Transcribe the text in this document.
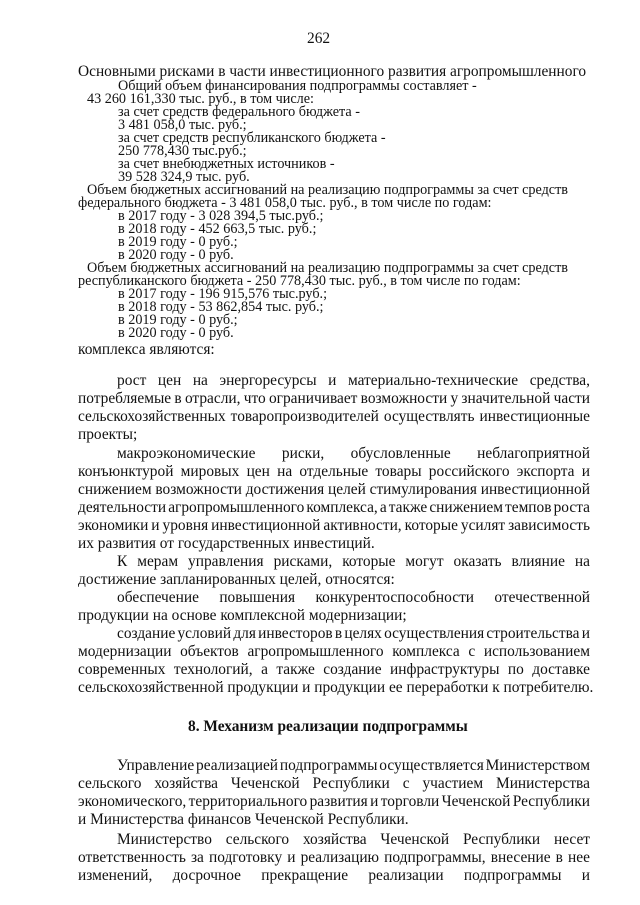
262
Основными рисками в части инвестиционного развития агропромышленного
Общий объем финансирования подпрограммы составляет -
43 260 161,330 тыс. руб., в том числе:
за счет средств федерального бюджета -
3 481 058,0 тыс. руб.;
за счет средств республиканского бюджета -
250 778,430 тыс.руб.;
за счет внебюджетных источников -
39 528 324,9 тыс. руб.
Объем бюджетных ассигнований на реализацию подпрограммы за счет средств
федерального бюджета - 3 481 058,0 тыс. руб., в том числе по годам:
в 2017 году - 3 028 394,5 тыс.руб.;
в 2018 году - 452 663,5 тыс. руб.;
в 2019 году - 0 руб.;
в 2020 году - 0 руб.
Объем бюджетных ассигнований на реализацию подпрограммы за счет средств
республиканского бюджета - 250 778,430 тыс. руб., в том числе по годам:
в 2017 году - 196 915,576 тыс.руб.;
в 2018 году - 53 862,854 тыс. руб.;
в 2019 году - 0 руб.;
в 2020 году - 0 руб.
комплекса являются:
рост цен на энергоресурсы и материально-технические средства,
потребляемые в отрасли, что ограничивает возможности у значительной части
сельскохозяйственных товаропроизводителей осуществлять инвестиционные
проекты;
макроэкономические риски, обусловленные неблагоприятной
конъюнктурой мировых цен на отдельные товары российского экспорта и
снижением возможности достижения целей стимулирования инвестиционной
деятельности агропромышленного комплекса, а также снижением темпов роста
экономики и уровня инвестиционной активности, которые усилят зависимость
их развития от государственных инвестиций.
К мерам управления рисками, которые могут оказать влияние на
достижение запланированных целей, относятся:
обеспечение повышения конкурентоспособности отечественной
продукции на основе комплексной модернизации;
создание условий для инвесторов в целях осуществления строительства и
модернизации объектов агропромышленного комплекса с использованием
современных технологий, а также создание инфраструктуры по доставке
сельскохозяйственной продукции и продукции ее переработки к потребителю.
8. Механизм реализации подпрограммы
Управление реализацией подпрограммы осуществляется Министерством
сельского хозяйства Чеченской Республики с участием Министерства
экономического, территориального развития и торговли Чеченской Республики
и Министерства финансов Чеченской Республики.
Министерство сельского хозяйства Чеченской Республики несет
ответственность за подготовку и реализацию подпрограммы, внесение в нее
изменений, досрочное прекращение реализации подпрограммы и
